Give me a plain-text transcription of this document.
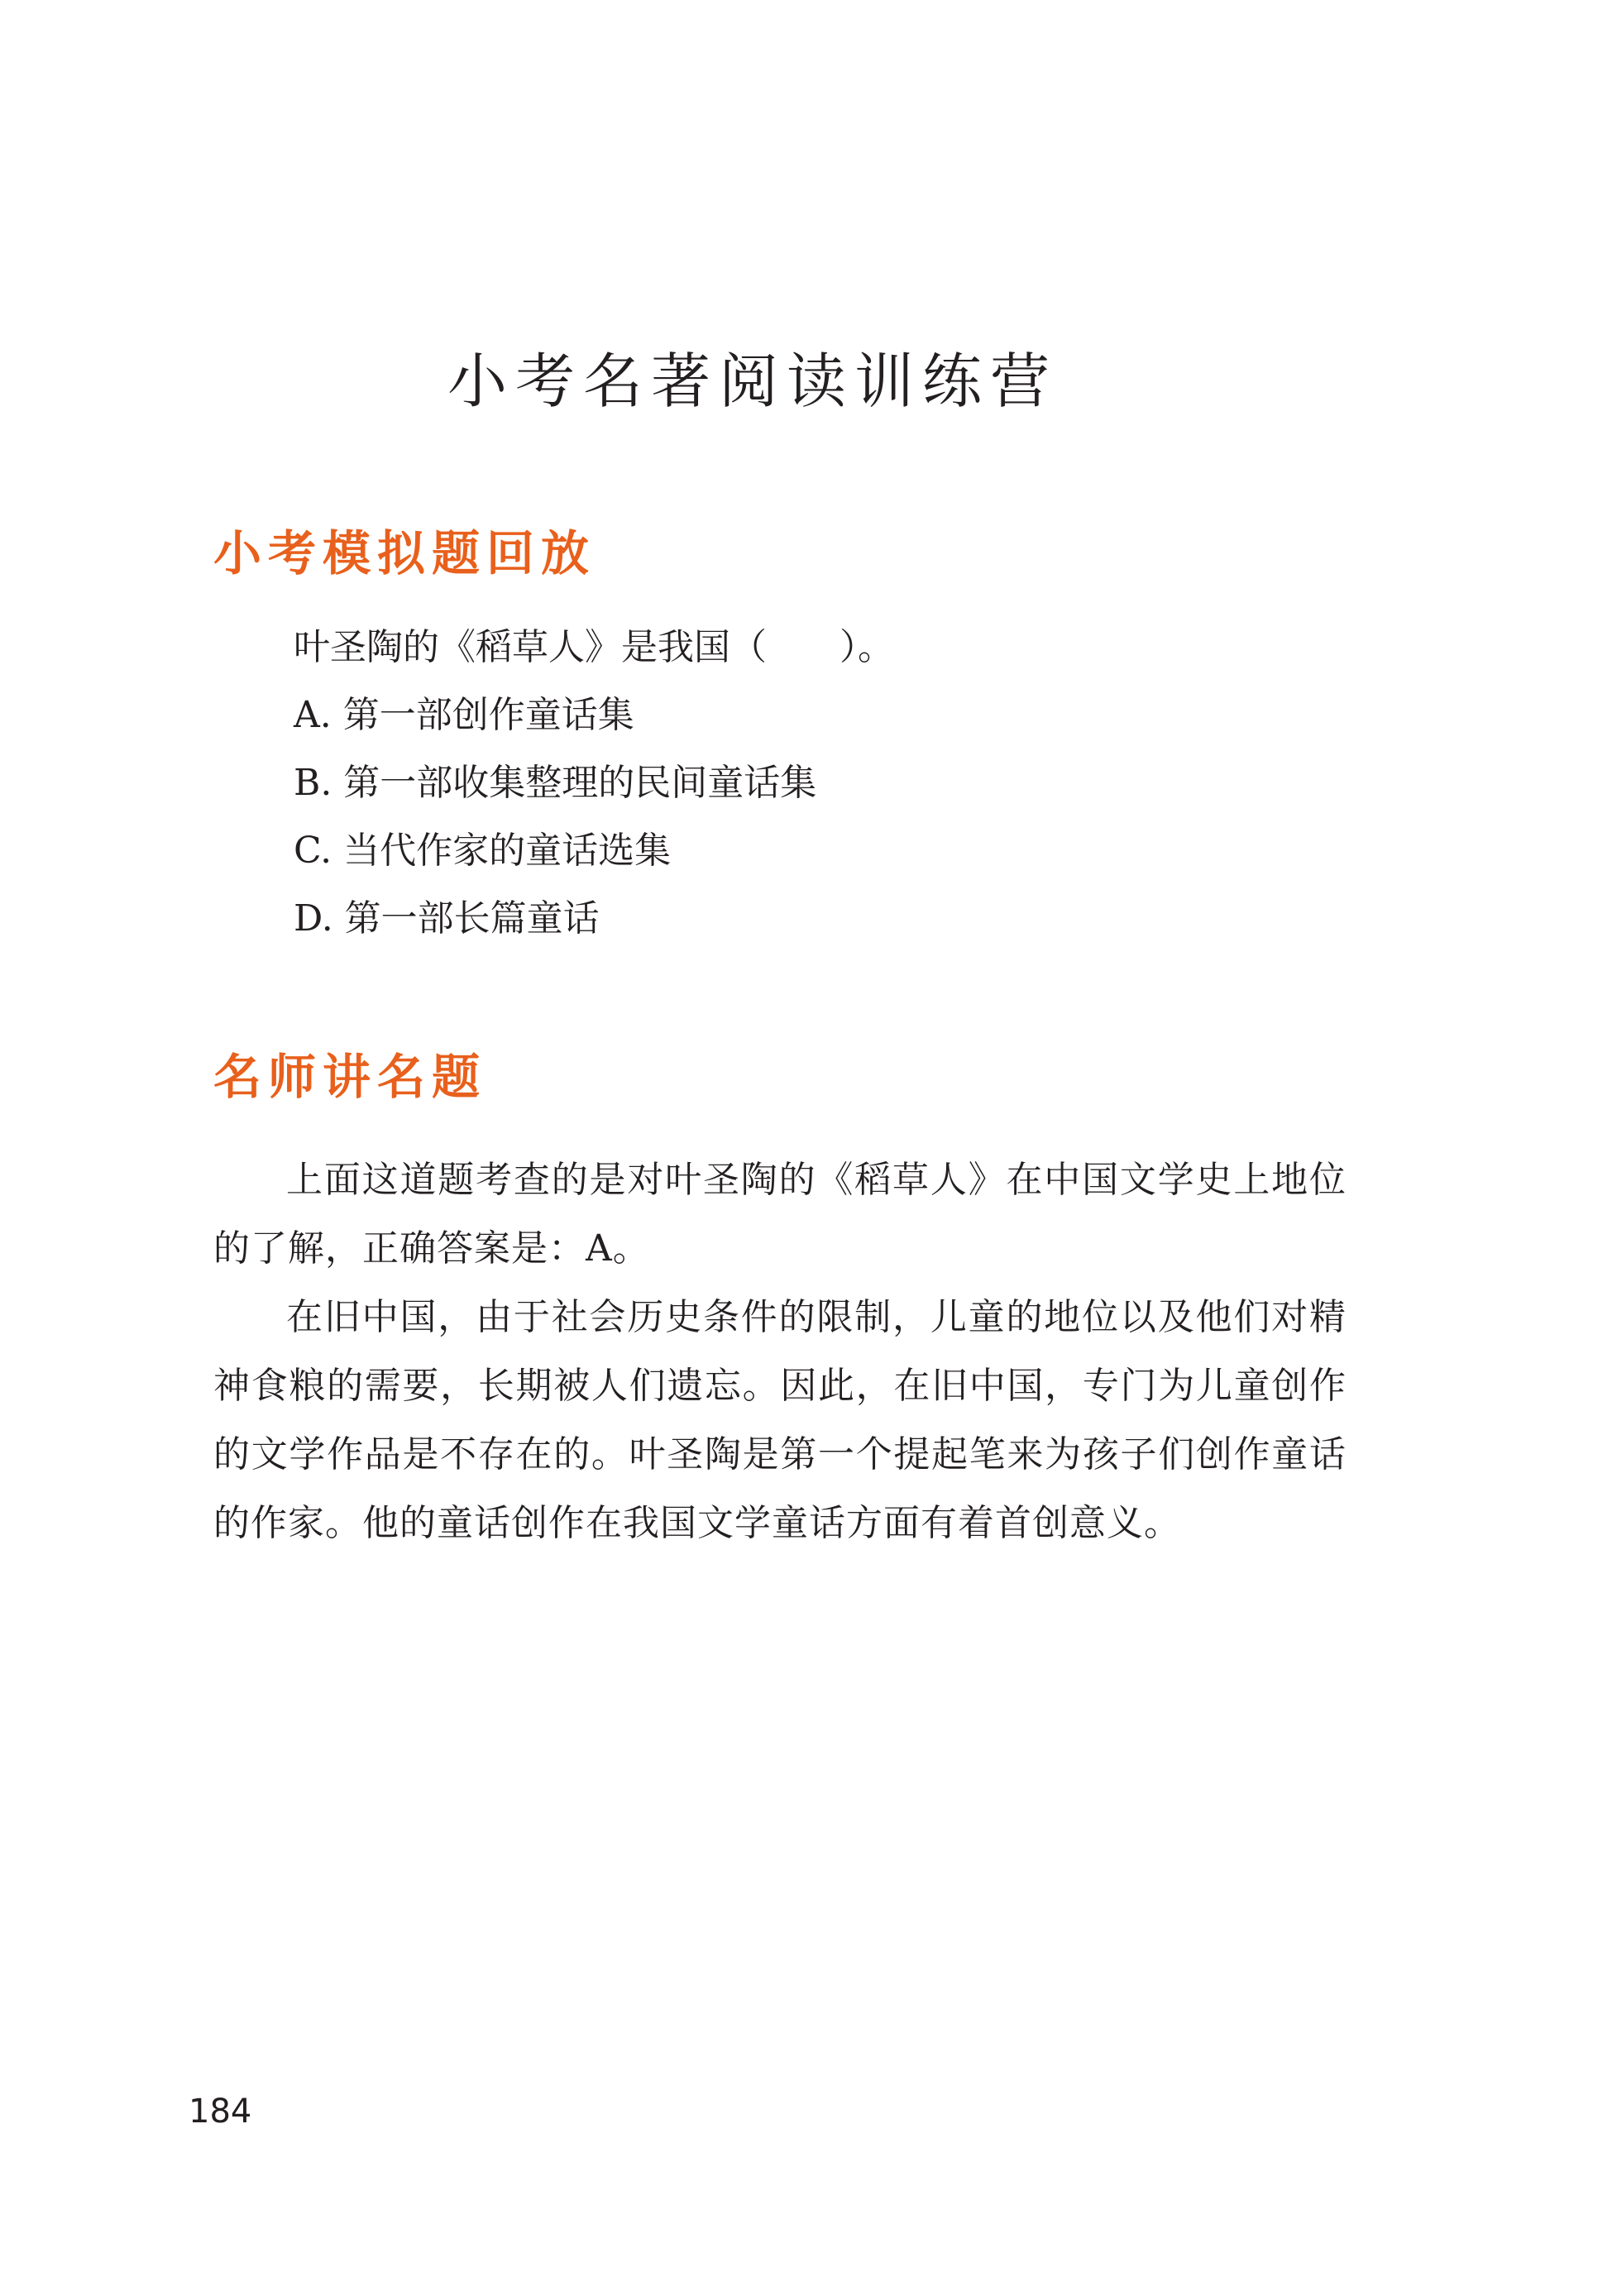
小考名著阅读训练营
小考模拟题回放
叶圣陶的《稻草人》是我国（　　）。
A. 第一部创作童话集
B. 第一部收集整理的民间童话集
C. 当代作家的童话选集
D. 第一部长篇童话
名师讲名题

上面这道题考查的是对叶圣陶的《稻草人》在中国文学史上地位的了解，正确答案是：A。

在旧中国，由于社会历史条件的限制，儿童的地位以及他们对精神食粮的需要，长期被人们遗忘。因此，在旧中国，专门为儿童创作的文学作品是不存在的。叶圣陶是第一个提起笔来为孩子们创作童话的作家。他的童话创作在我国文学童话方面有着首创意义。

184
